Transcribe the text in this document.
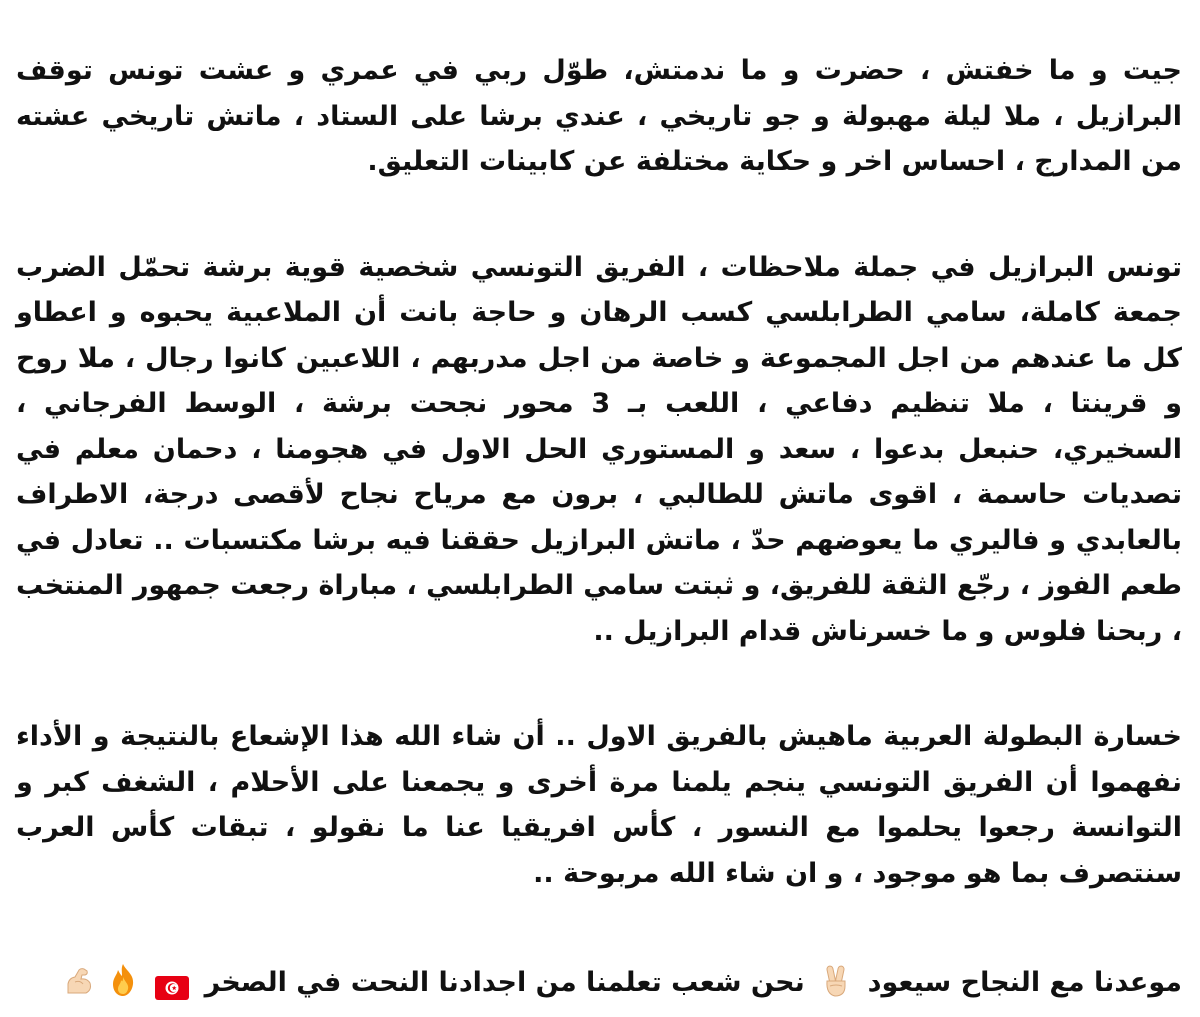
جيت و ما خفتش ، حضرت و ما ندمتش، طوّل ربي في عمري و عشت تونس توقف البرازيل ، ملا ليلة مهبولة و جو تاريخي ، عندي برشا على الستاد ، ماتش تاريخي عشته من المدارج ، احساس اخر و حكاية مختلفة عن كابينات التعليق.

تونس البرازيل في جملة ملاحظات ، الفريق التونسي شخصية قوية برشة تحمّل الضرب جمعة كاملة، سامي الطرابلسي كسب الرهان و حاجة بانت أن الملاعبية يحبوه و اعطاو كل ما عندهم من اجل المجموعة و خاصة من اجل مدربهم ، اللاعبين كانوا رجال ، ملا روح و قرينتا ، ملا تنظيم دفاعي ، اللعب بـ 3 محور نجحت برشة ، الوسط الفرجاني ، السخيري، حنبعل بدعوا ، سعد و المستوري الحل الاول في هجومنا ، دحمان معلم في تصديات حاسمة ، اقوى ماتش للطالبي ، برون مع مرياح نجاح لأقصى درجة، الاطراف بالعابدي و فاليري ما يعوضهم حدّ ، ماتش البرازيل حققنا فيه برشا مكتسبات .. تعادل في طعم الفوز ، رجّع الثقة للفريق، و ثبتت سامي الطرابلسي ، مباراة رجعت جمهور المنتخب ، ربحنا فلوس و ما خسرناش قدام البرازيل ..

خسارة البطولة العربية ماهيش بالفريق الاول .. أن شاء الله هذا الإشعاع بالنتيجة و الأداء نفهموا أن الفريق التونسي ينجم يلمنا مرة أخرى و يجمعنا على الأحلام ، الشغف كبر و التوانسة رجعوا يحلموا مع النسور ، كأس افريقيا عنا ما نقولو ، تبقات كأس العرب سنتصرف بما هو موجود ، و ان شاء الله مربوحة ..

موعدنا مع النجاح سيعود  نحن شعب تعلمنا من اجدادنا النحت في الصخر
